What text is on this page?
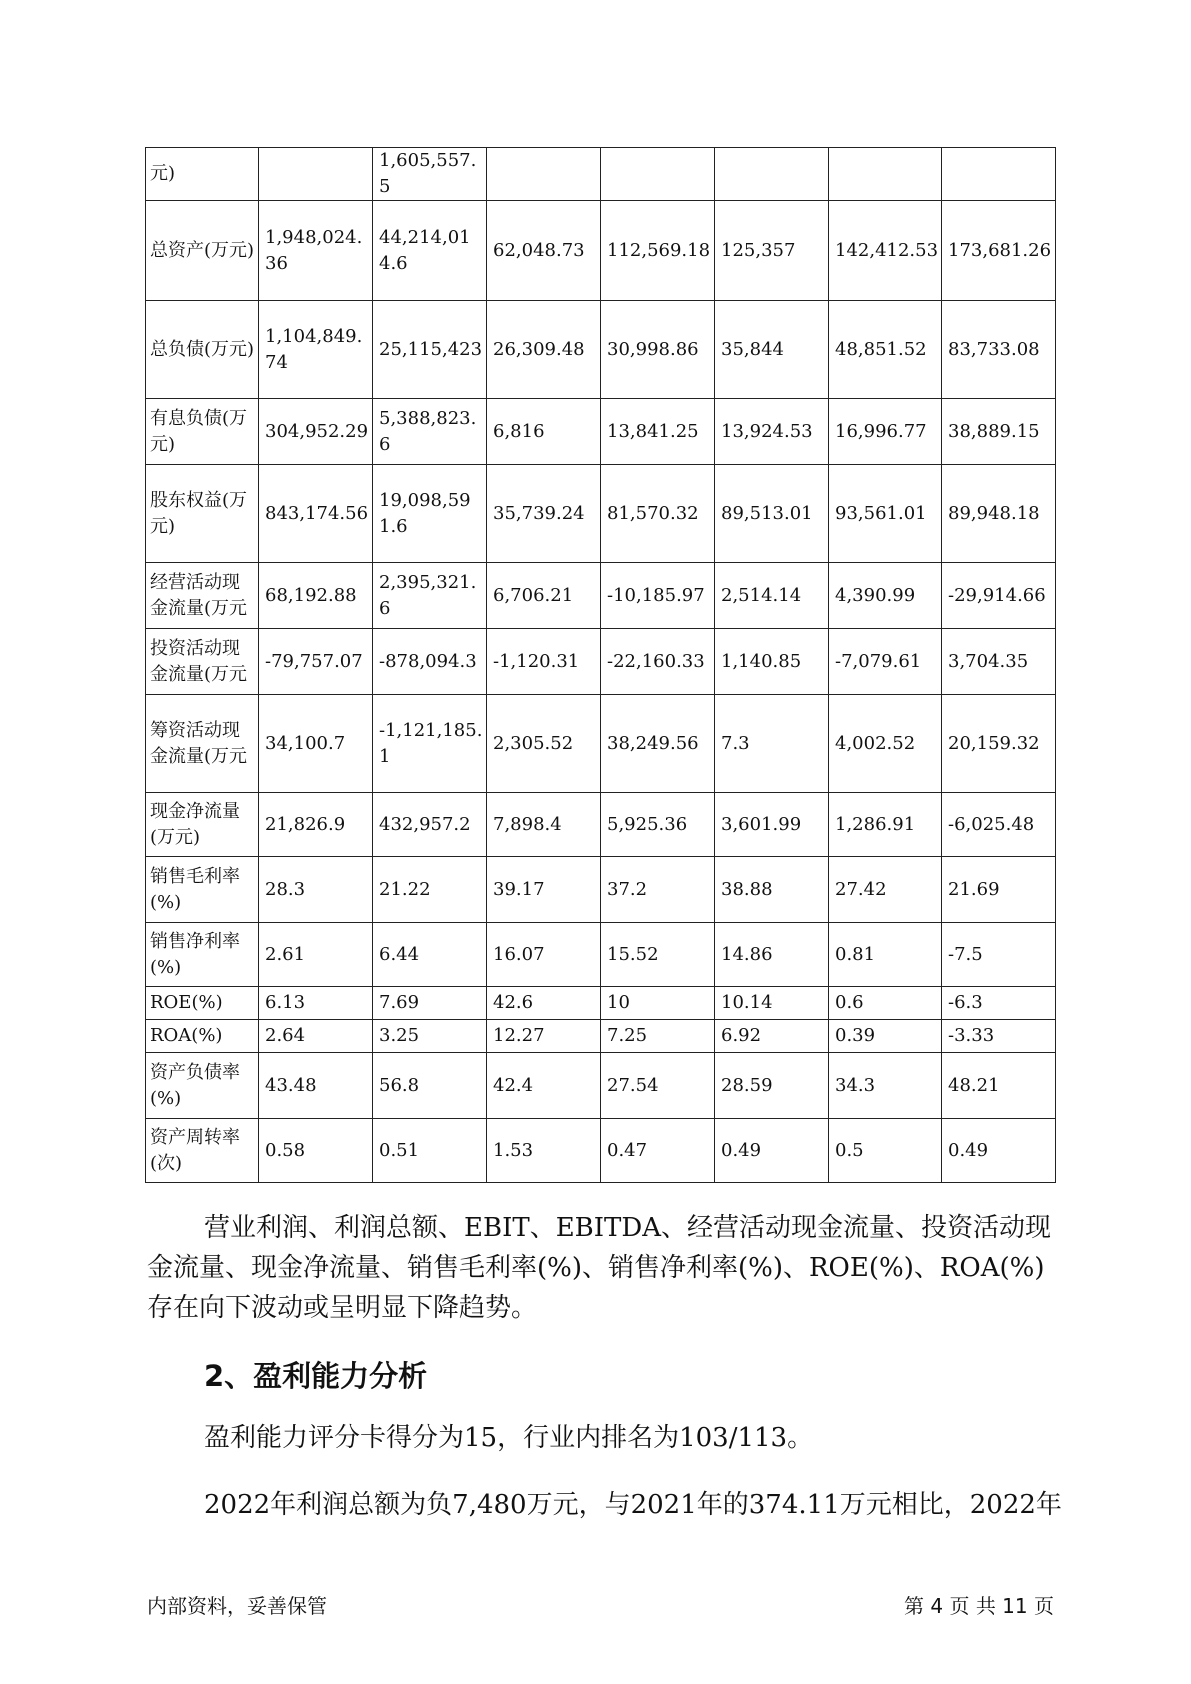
元)		1,605,557.5					
总资产(万元)	1,948,024.36	44,214,014.6	62,048.73	112,569.18	125,357	142,412.53	173,681.26
总负债(万元)	1,104,849.74	25,115,423	26,309.48	30,998.86	35,844	48,851.52	83,733.08
有息负债(万元)	304,952.29	5,388,823.6	6,816	13,841.25	13,924.53	16,996.77	38,889.15
股东权益(万元)	843,174.56	19,098,591.6	35,739.24	81,570.32	89,513.01	93,561.01	89,948.18
经营活动现金流量(万元	68,192.88	2,395,321.6	6,706.21	-10,185.97	2,514.14	4,390.99	-29,914.66
投资活动现金流量(万元	-79,757.07	-878,094.3	-1,120.31	-22,160.33	1,140.85	-7,079.61	3,704.35
筹资活动现金流量(万元	34,100.7	-1,121,185.1	2,305.52	38,249.56	7.3	4,002.52	20,159.32
现金净流量(万元)	21,826.9	432,957.2	7,898.4	5,925.36	3,601.99	1,286.91	-6,025.48
销售毛利率(%)	28.3	21.22	39.17	37.2	38.88	27.42	21.69
销售净利率(%)	2.61	6.44	16.07	15.52	14.86	0.81	-7.5
ROE(%)	6.13	7.69	42.6	10	10.14	0.6	-6.3
ROA(%)	2.64	3.25	12.27	7.25	6.92	0.39	-3.33
资产负债率(%)	43.48	56.8	42.4	27.54	28.59	34.3	48.21
资产周转率(次)	0.58	0.51	1.53	0.47	0.49	0.5	0.49

营业利润、利润总额、EBIT、EBITDA、经营活动现金流量、投资活动现金流量、现金净流量、销售毛利率(%)、销售净利率(%)、ROE(%)、ROA(%)存在向下波动或呈明显下降趋势。

2、盈利能力分析

盈利能力评分卡得分为15，行业内排名为103/113。

2022年利润总额为负7,480万元，与2021年的374.11万元相比，2022年

内部资料，妥善保管	第 4 页 共 11 页
